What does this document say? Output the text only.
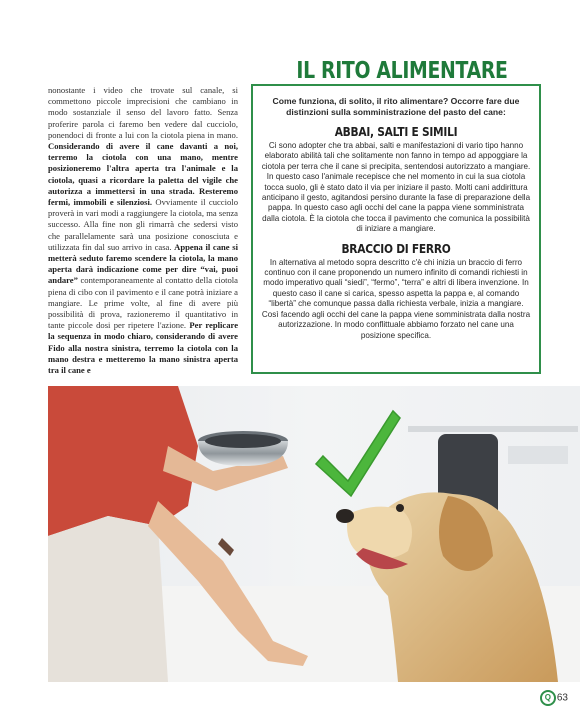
nonostante i video che trovate sul canale, si commettono piccole imprecisioni che cambiano in modo sostanziale il senso del lavoro fatto. Senza proferire parola ci faremo ben vedere dal cucciolo, ponendoci di fronte a lui con la ciotola piena in mano. Considerando di avere il cane davanti a noi, terremo la ciotola con una mano, mentre posizioneremo l'altra aperta tra l'animale e la ciotola, quasi a ricordare la paletta del vigile che autorizza a immettersi in una strada. Resteremo fermi, immobili e silenziosi. Ovviamente il cucciolo proverà in vari modi a raggiungere la ciotola, ma senza successo. Alla fine non gli rimarrà che sedersi visto che parallelamente sarà una posizione conosciuta e utilizzata fin dal suo arrivo in casa. Appena il cane si metterà seduto faremo scendere la ciotola, la mano aperta darà indicazione come per dire “vai, puoi andare” contemporaneamente al contatto della ciotola piena di cibo con il pavimento e il cane potrà iniziare a mangiare. Le prime volte, al fine di avere più possibilità di prova, razioneremo il quantitativo in tante piccole dosi per ripetere l'azione. Per replicare la sequenza in modo chiaro, considerando di avere Fido alla nostra sinistra, terremo la ciotola con la mano destra e metteremo la mano sinistra aperta tra il cane e

IL RITO ALIMENTARE
Come funziona, di solito, il rito alimentare? Occorre fare due distinzioni sulla somministrazione del pasto del cane:
ABBAI, SALTI E SIMILI
Ci sono adopter che tra abbai, salti e manifestazioni di vario tipo hanno elaborato abilità tali che solitamente non fanno in tempo ad appoggiare la ciotola per terra che il cane si precipita, sentendosi autorizzato a mangiare. In questo caso l'animale recepisce che nel momento in cui la sua ciotola tocca suolo, gli è stato dato il via per iniziare il pasto. Molti cani addirittura anticipano il gesto, agitandosi persino durante la fase di preparazione della pappa. In questo caso agli occhi del cane la pappa viene somministrata dalla ciotola. È la ciotola che tocca il pavimento che comunica la possibilità di iniziare a mangiare.
BRACCIO DI FERRO
In alternativa al metodo sopra descritto c'è chi inizia un braccio di ferro continuo con il cane proponendo un numero infinito di comandi richiesti in modo imperativo quali “siedi”, “fermo”, “terra” e altri di libera invenzione. In questo caso il cane si carica, spesso aspetta la pappa e, al comando “libertà” che comunque passa dalla richiesta verbale, inizia a mangiare. Così facendo agli occhi del cane la pappa viene somministrata dalla nostra autorizzazione. In modo conflittuale abbiamo forzato nel cane una posizione specifica.
Q 63
